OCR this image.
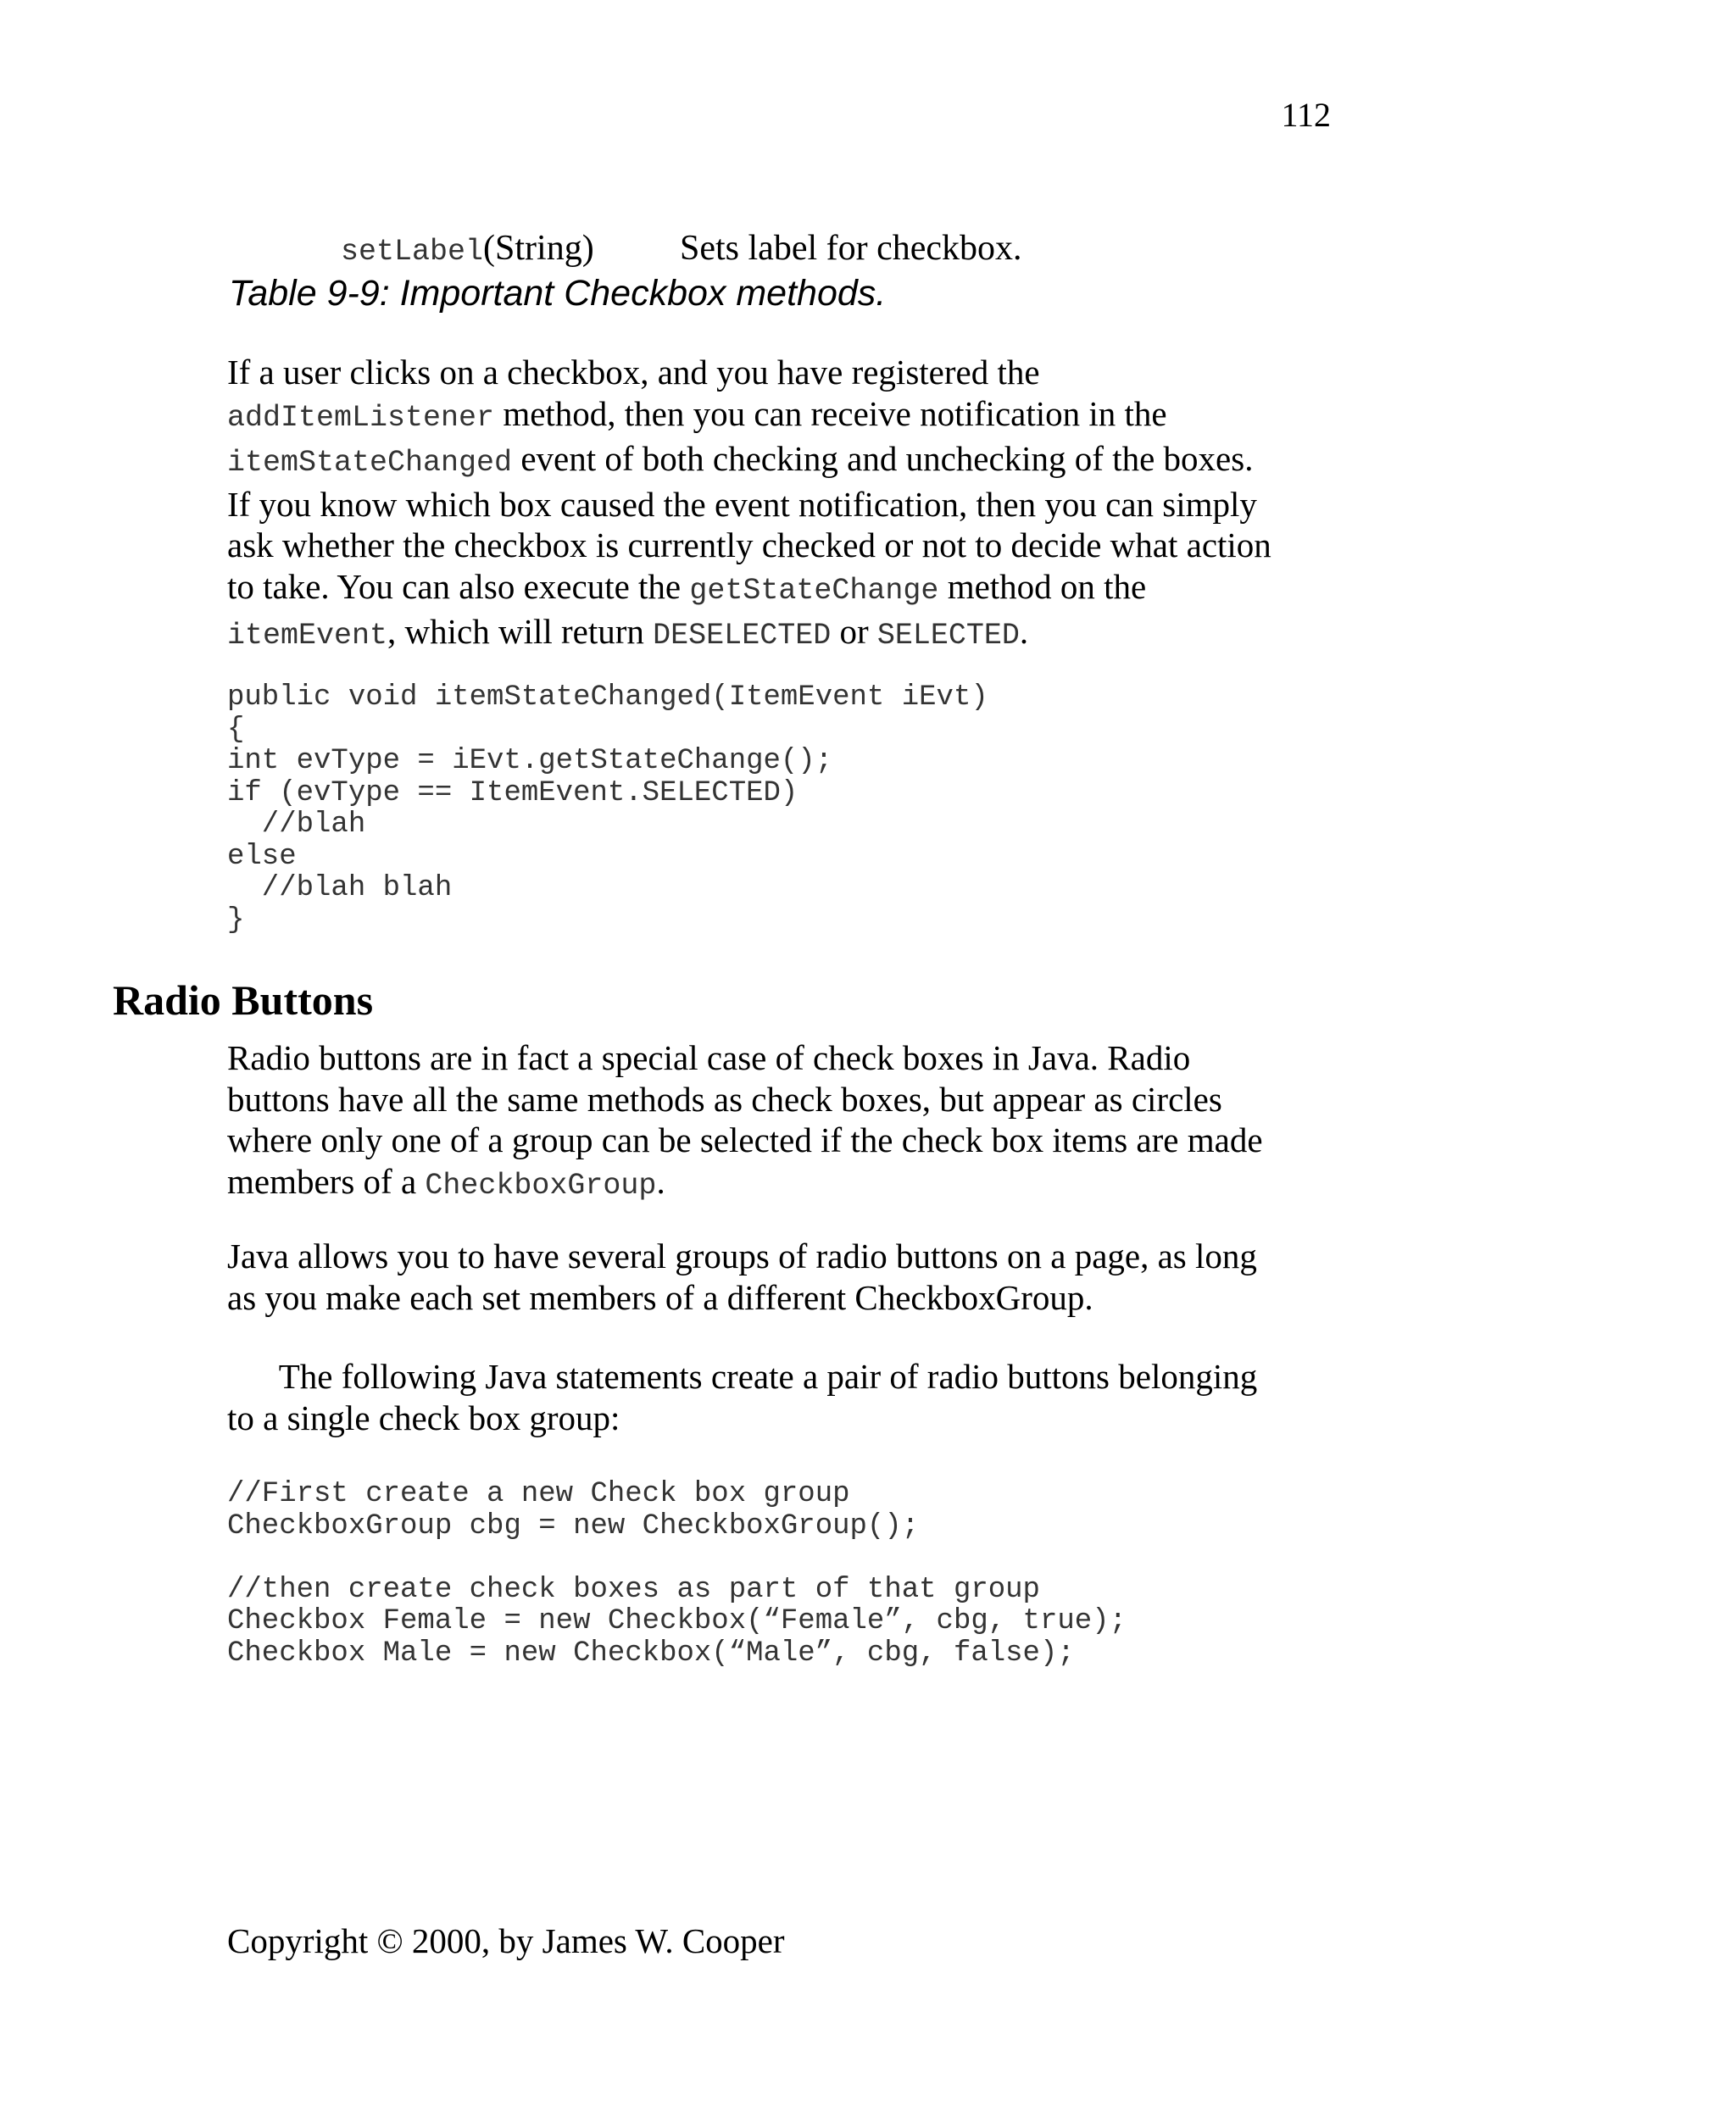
112
setLabel(String) Sets label for checkbox.
Table 9-9: Important Checkbox methods.
If a user clicks on a checkbox, and you have registered the
addItemListener method, then you can receive notification in the
itemStateChanged event of both checking and unchecking of the boxes.
If you know which box caused the event notification, then you can simply
ask whether the checkbox is currently checked or not to decide what action
to take. You can also execute the getStateChange method on the
itemEvent, which will return DESELECTED or SELECTED.
public void itemStateChanged(ItemEvent iEvt)
{
int evType = iEvt.getStateChange();
if (evType == ItemEvent.SELECTED)
//blah
else
//blah blah
}
Radio Buttons
Radio buttons are in fact a special case of check boxes in Java. Radio
buttons have all the same methods as check boxes, but appear as circles
where only one of a group can be selected if the check box items are made
members of a CheckboxGroup.
Java allows you to have several groups of radio buttons on a page, as long
as you make each set members of a different CheckboxGroup.
The following Java statements create a pair of radio buttons belonging
to a single check box group:
//First create a new Check box group
CheckboxGroup cbg = new CheckboxGroup();

//then create check boxes as part of that group
Checkbox Female = new Checkbox(“Female”, cbg, true);
Checkbox Male = new Checkbox(“Male”, cbg, false);
Copyright © 2000, by James W. Cooper
